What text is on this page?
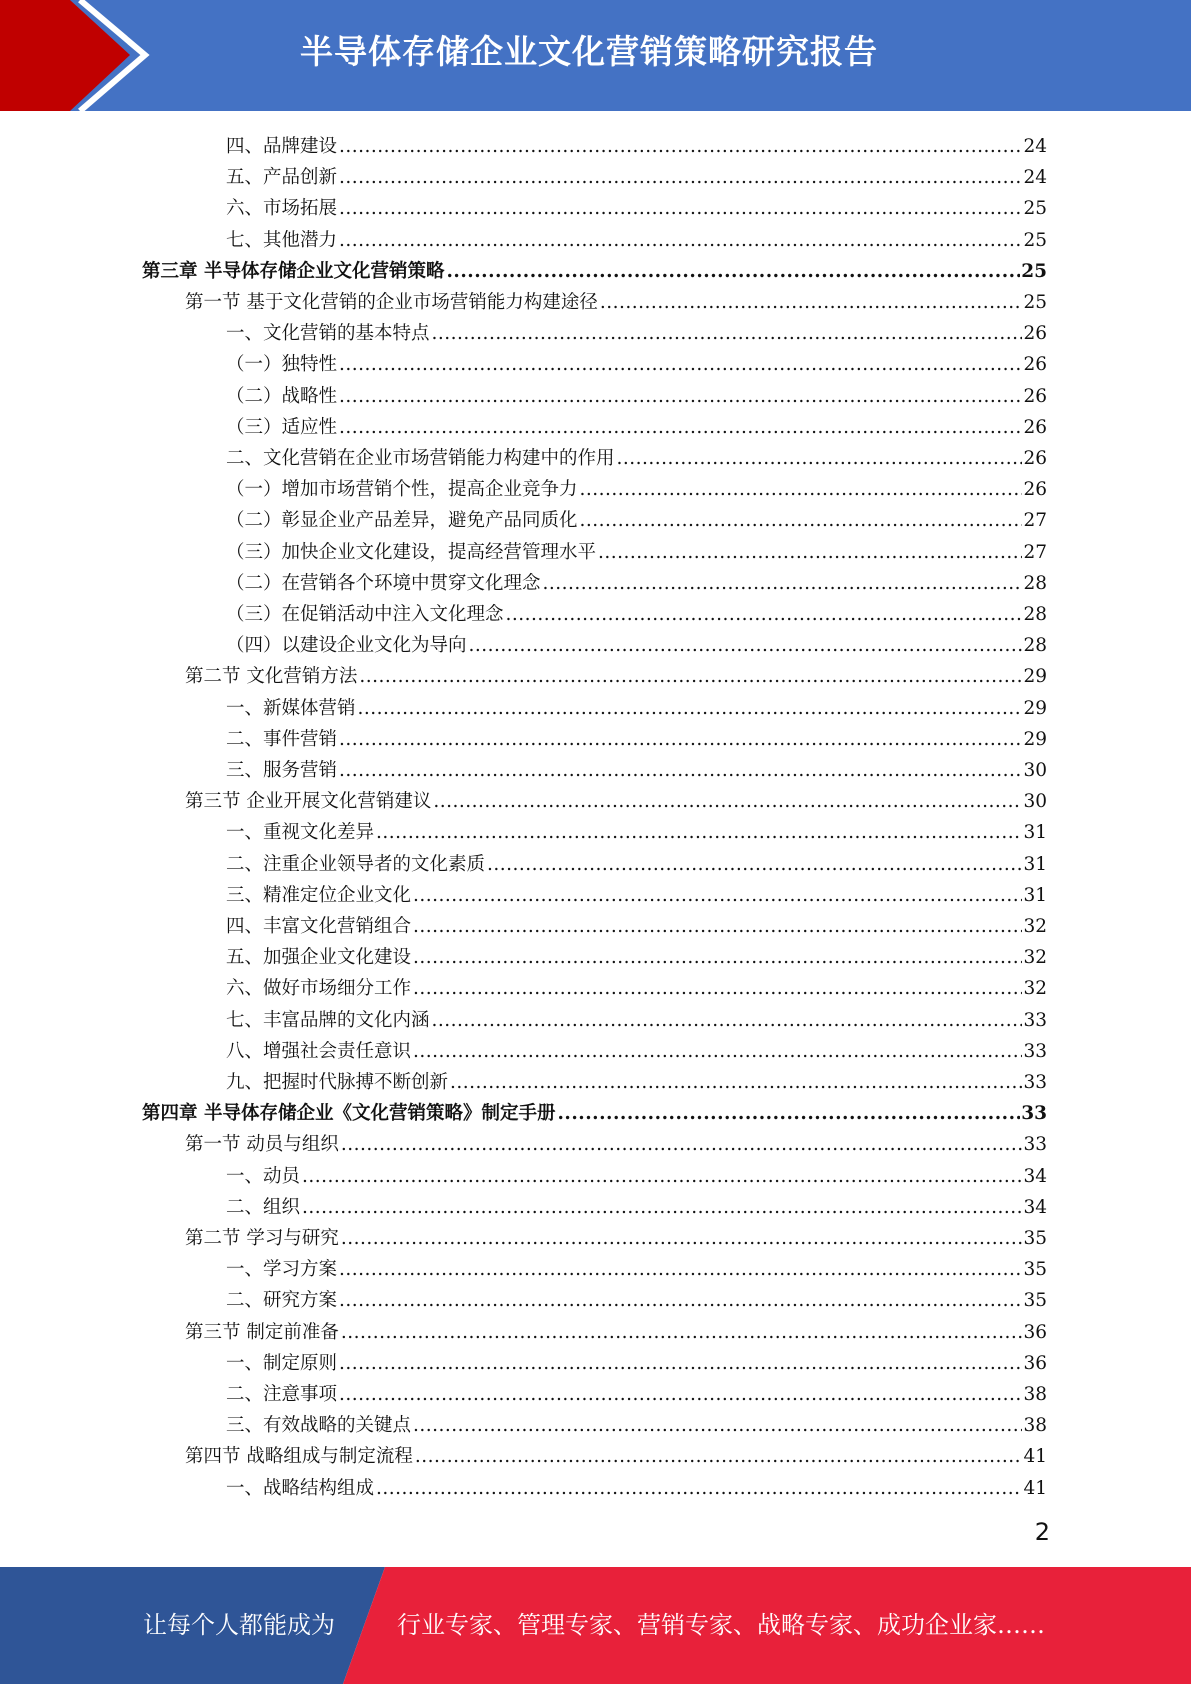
半导体存储企业文化营销策略研究报告
四、品牌建设 .....	24
五、产品创新 .....	24
六、市场拓展 .....	25
七、其他潜力 .....	25
第三章 半导体存储企业文化营销策略 .....	25
第一节 基于文化营销的企业市场营销能力构建途径 .....	25
一、文化营销的基本特点 .....	26
（一）独特性 .....	26
（二）战略性 .....	26
（三）适应性 .....	26
二、文化营销在企业市场营销能力构建中的作用 .....	26
（一）增加市场营销个性，提高企业竞争力 .....	26
（二）彰显企业产品差异，避免产品同质化 .....	27
（三）加快企业文化建设，提高经营管理水平 .....	27
（二）在营销各个环境中贯穿文化理念 .....	28
（三）在促销活动中注入文化理念 .....	28
（四）以建设企业文化为导向 .....	28
第二节 文化营销方法 .....	29
一、新媒体营销 .....	29
二、事件营销 .....	29
三、服务营销 .....	30
第三节 企业开展文化营销建议 .....	30
一、重视文化差异 .....	31
二、注重企业领导者的文化素质 .....	31
三、精准定位企业文化 .....	31
四、丰富文化营销组合 .....	32
五、加强企业文化建设 .....	32
六、做好市场细分工作 .....	32
七、丰富品牌的文化内涵 .....	33
八、增强社会责任意识 .....	33
九、把握时代脉搏不断创新 .....	33
第四章 半导体存储企业《文化营销策略》制定手册 .....	33
第一节 动员与组织 .....	33
一、动员 .....	34
二、组织 .....	34
第二节 学习与研究 .....	35
一、学习方案 .....	35
二、研究方案 .....	35
第三节 制定前准备 .....	36
一、制定原则 .....	36
二、注意事项 .....	38
三、有效战略的关键点 .....	38
第四节 战略组成与制定流程 .....	41
一、战略结构组成 .....	41
2
让每个人都能成为	行业专家、管理专家、营销专家、战略专家、成功企业家……
